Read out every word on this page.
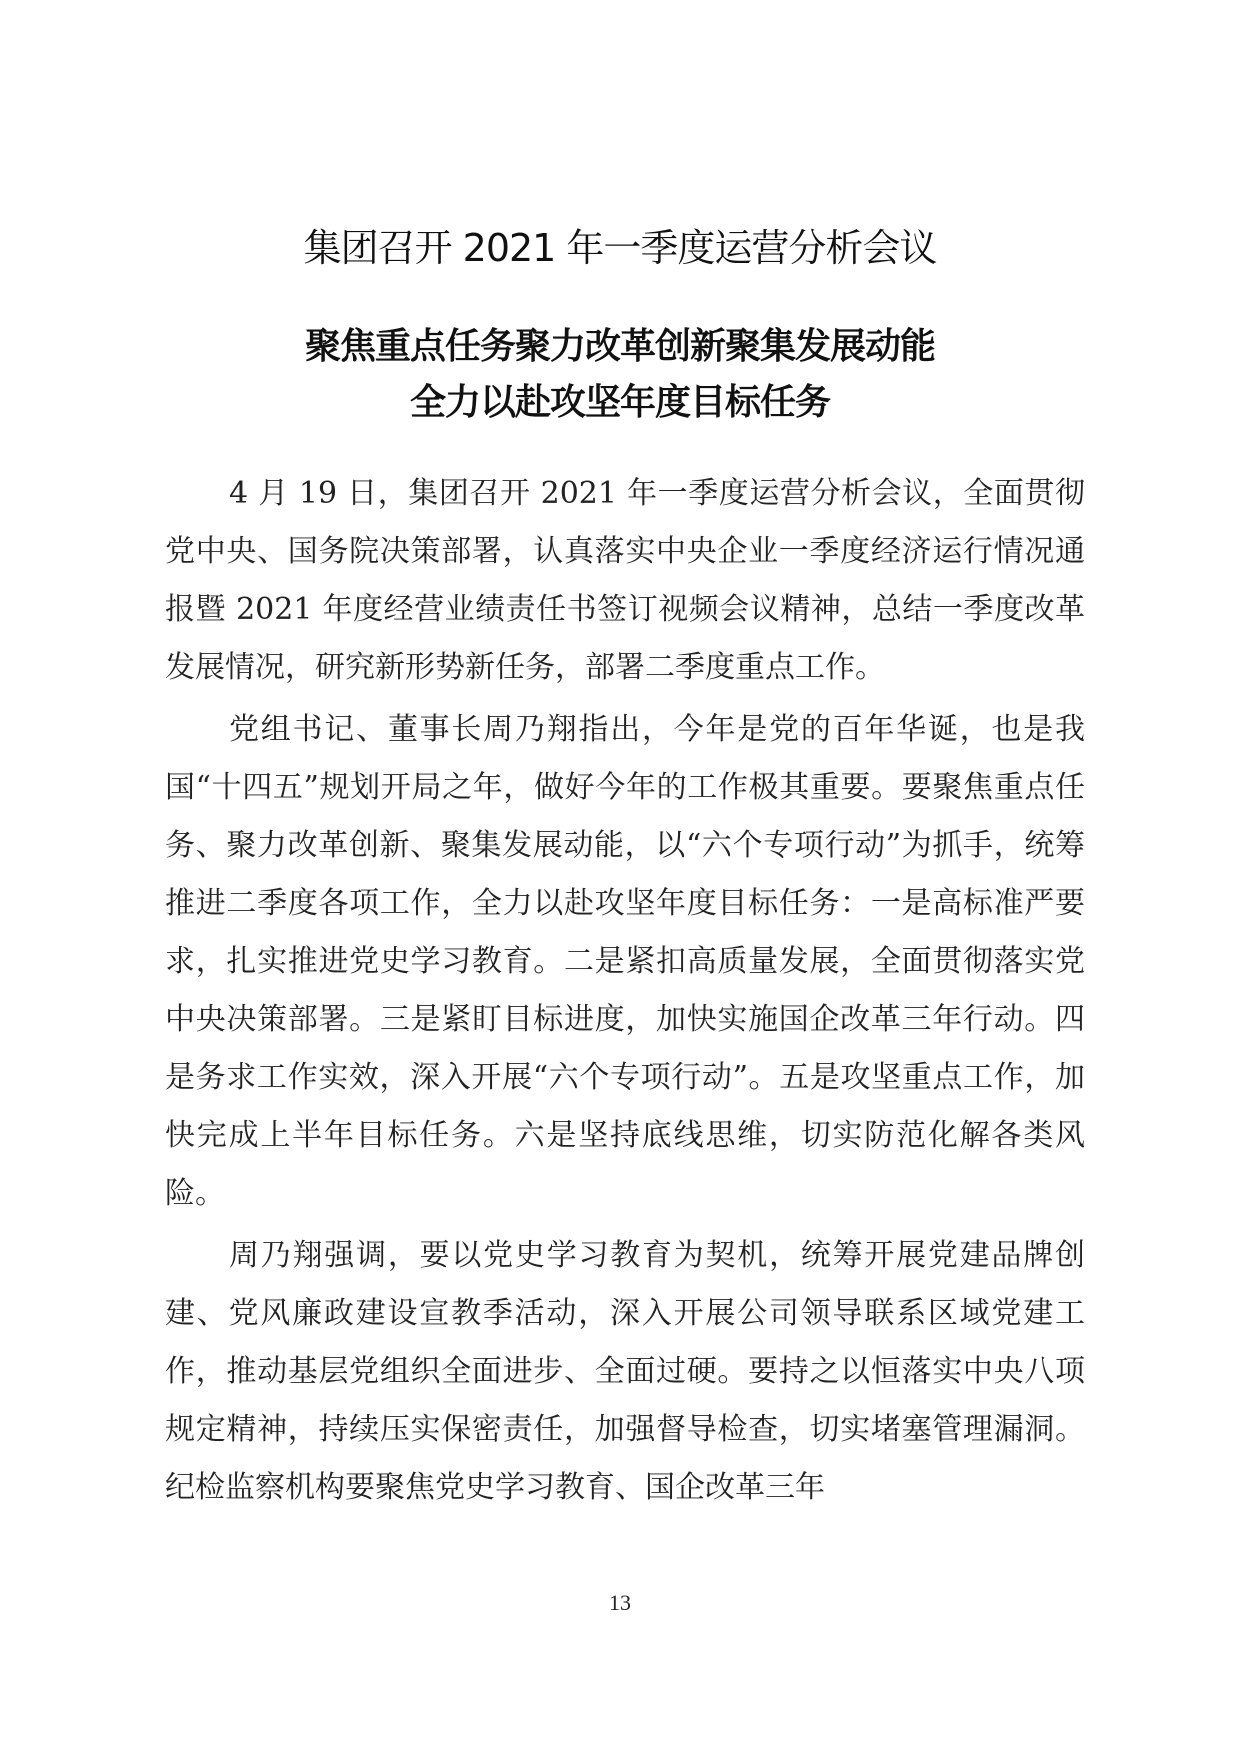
集团召开 2021 年一季度运营分析会议
聚焦重点任务聚力改革创新聚集发展动能
全力以赴攻坚年度目标任务

4 月 19 日，集团召开 2021 年一季度运营分析会议，全面贯彻党中央、国务院决策部署，认真落实中央企业一季度经济运行情况通报暨 2021 年度经营业绩责任书签订视频会议精神，总结一季度改革发展情况，研究新形势新任务，部署二季度重点工作。

党组书记、董事长周乃翔指出，今年是党的百年华诞，也是我国“十四五”规划开局之年，做好今年的工作极其重要。要聚焦重点任务、聚力改革创新、聚集发展动能，以“六个专项行动”为抓手，统筹推进二季度各项工作，全力以赴攻坚年度目标任务：一是高标准严要求，扎实推进党史学习教育。二是紧扣高质量发展，全面贯彻落实党中央决策部署。三是紧盯目标进度，加快实施国企改革三年行动。四是务求工作实效，深入开展“六个专项行动”。五是攻坚重点工作，加快完成上半年目标任务。六是坚持底线思维，切实防范化解各类风险。

周乃翔强调，要以党史学习教育为契机，统筹开展党建品牌创建、党风廉政建设宣教季活动，深入开展公司领导联系区域党建工作，推动基层党组织全面进步、全面过硬。要持之以恒落实中央八项规定精神，持续压实保密责任，加强督导检查，切实堵塞管理漏洞。纪检监察机构要聚焦党史学习教育、国企改革三年

13
